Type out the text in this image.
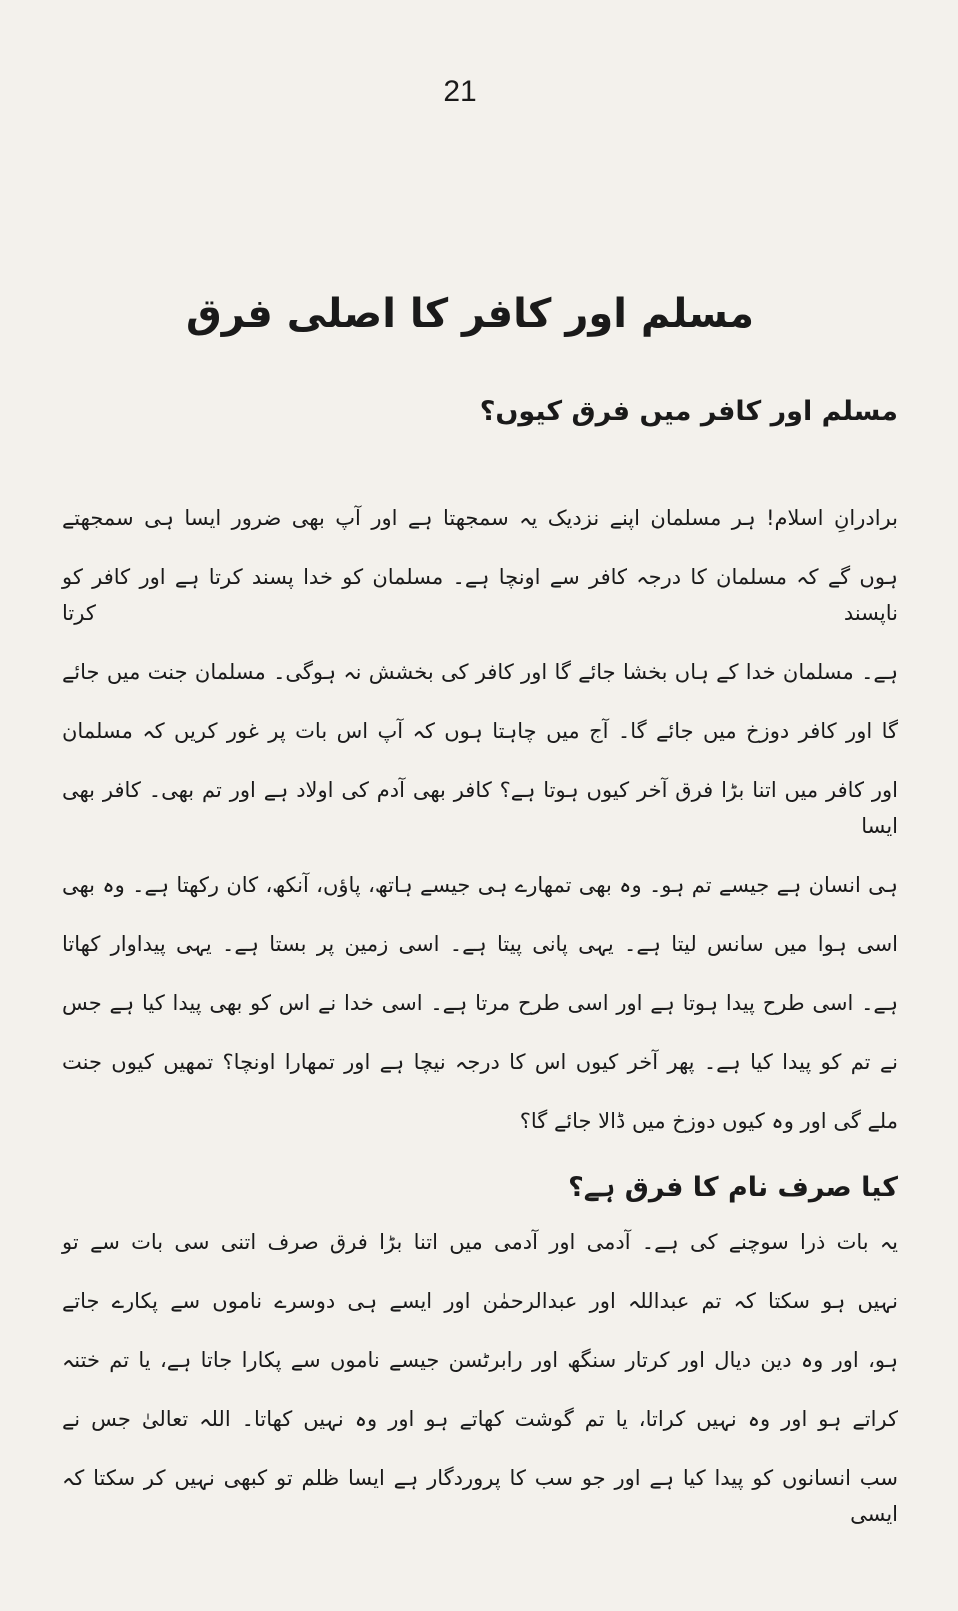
21
مسلم اور کافر کا اصلی فرق
مسلم اور کافر میں فرق کیوں؟
برادرانِ اسلام! ہر مسلمان اپنے نزدیک یہ سمجھتا ہے اور آپ بھی ضرور ایسا ہی سمجھتے
ہوں گے کہ مسلمان کا درجہ کافر سے اونچا ہے۔ مسلمان کو خدا پسند کرتا ہے اور کافر کو ناپسند کرتا
ہے۔ مسلمان خدا کے ہاں بخشا جائے گا اور کافر کی بخشش نہ ہوگی۔ مسلمان جنت میں جائے
گا اور کافر دوزخ میں جائے گا۔ آج میں چاہتا ہوں کہ آپ اس بات پر غور کریں کہ مسلمان
اور کافر میں اتنا بڑا فرق آخر کیوں ہوتا ہے؟ کافر بھی آدم کی اولاد ہے اور تم بھی۔ کافر بھی ایسا
ہی انسان ہے جیسے تم ہو۔ وہ بھی تمھارے ہی جیسے ہاتھ، پاؤں، آنکھ، کان رکھتا ہے۔ وہ بھی
اسی ہوا میں سانس لیتا ہے۔ یہی پانی پیتا ہے۔ اسی زمین پر بستا ہے۔ یہی پیداوار کھاتا
ہے۔ اسی طرح پیدا ہوتا ہے اور اسی طرح مرتا ہے۔ اسی خدا نے اس کو بھی پیدا کیا ہے جس
نے تم کو پیدا کیا ہے۔ پھر آخر کیوں اس کا درجہ نیچا ہے اور تمھارا اونچا؟ تمھیں کیوں جنت
ملے گی اور وہ کیوں دوزخ میں ڈالا جائے گا؟
کیا صرف نام کا فرق ہے؟
یہ بات ذرا سوچنے کی ہے۔ آدمی اور آدمی میں اتنا بڑا فرق صرف اتنی سی بات سے تو
نہیں ہو سکتا کہ تم عبداللہ اور عبدالرحمٰن اور ایسے ہی دوسرے ناموں سے پکارے جاتے
ہو، اور وہ دین دیال اور کرتار سنگھ اور رابرٹسن جیسے ناموں سے پکارا جاتا ہے، یا تم ختنہ
کراتے ہو اور وہ نہیں کراتا، یا تم گوشت کھاتے ہو اور وہ نہیں کھاتا۔ اللہ تعالیٰ جس نے
سب انسانوں کو پیدا کیا ہے اور جو سب کا پروردگار ہے ایسا ظلم تو کبھی نہیں کر سکتا کہ ایسی
